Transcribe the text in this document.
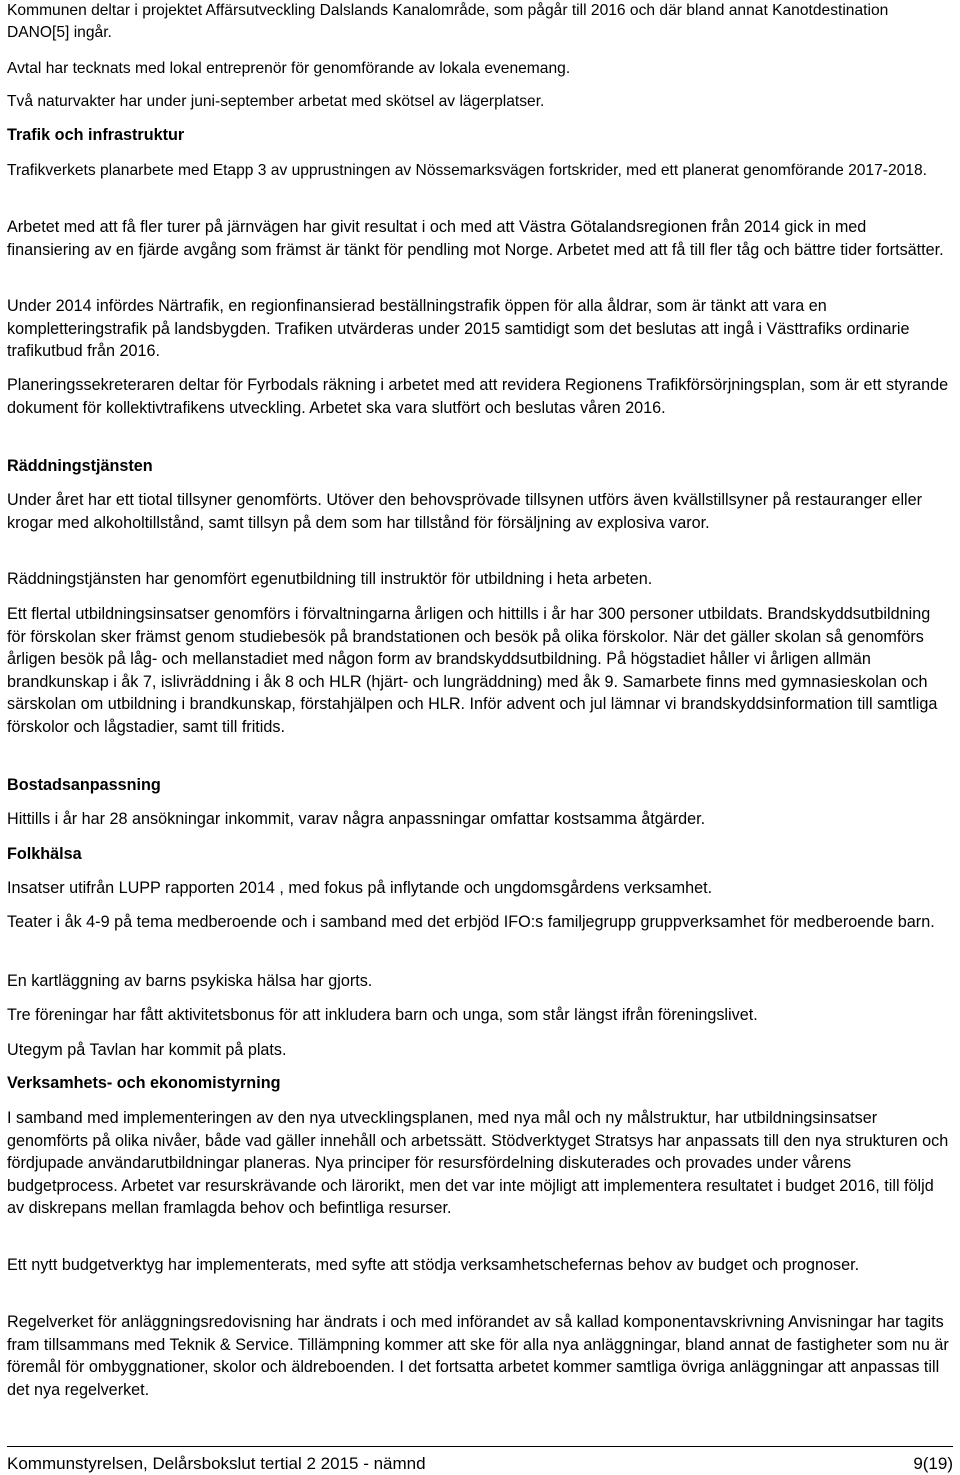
Kommunen deltar i projektet Affärsutveckling Dalslands Kanalområde, som pågår till 2016 och där bland annat Kanotdestination DANO[5] ingår.

Avtal har tecknats med lokal entreprenör för genomförande av lokala evenemang.

Två naturvakter har under juni-september arbetat med skötsel av lägerplatser.

Trafik och infrastruktur

Trafikverkets planarbete med Etapp 3 av upprustningen av Nössemarksvägen fortskrider, med ett planerat genomförande 2017-2018.

Arbetet med att få fler turer på järnvägen har givit resultat i och med att Västra Götalandsregionen från 2014 gick in med finansiering av en fjärde avgång som främst är tänkt för pendling mot Norge. Arbetet med att få till fler tåg och bättre tider fortsätter.

Under 2014 infördes Närtrafik, en regionfinansierad beställningstrafik öppen för alla åldrar, som är tänkt att vara en kompletteringstrafik på landsbygden. Trafiken utvärderas under 2015 samtidigt som det beslutas att ingå i Västtrafiks ordinarie trafikutbud från 2016.

Planeringssekreteraren deltar för Fyrbodals räkning i arbetet med att revidera Regionens Trafikförsörjningsplan, som är ett styrande dokument för kollektivtrafikens utveckling. Arbetet ska vara slutfört och beslutas våren 2016.

Räddningstjänsten

Under året har ett tiotal tillsyner genomförts. Utöver den behovsprövade tillsynen utförs även kvällstillsyner på restauranger eller krogar med alkoholtillstånd, samt tillsyn på dem som har tillstånd för försäljning av explosiva varor.

Räddningstjänsten har genomfört egenutbildning till instruktör för utbildning i heta arbeten.

Ett flertal utbildningsinsatser genomförs i förvaltningarna årligen och hittills i år har 300 personer utbildats. Brandskyddsutbildning för förskolan sker främst genom studiebesök på brandstationen och besök på olika förskolor. När det gäller skolan så genomförs årligen besök på låg- och mellanstadiet med någon form av brandskyddsutbildning. På högstadiet håller vi årligen allmän brandkunskap i åk 7, islivräddning i åk 8 och HLR (hjärt- och lungräddning) med åk 9. Samarbete finns med gymnasieskolan och särskolan om utbildning i brandkunskap, förstahjälpen och HLR. Inför advent och jul lämnar vi brandskyddsinformation till samtliga förskolor och lågstadier, samt till fritids.

Bostadsanpassning

Hittills i år har 28 ansökningar inkommit, varav några anpassningar omfattar kostsamma åtgärder.

Folkhälsa

Insatser utifrån LUPP rapporten 2014 , med fokus på inflytande och ungdomsgårdens verksamhet.

Teater i åk 4-9 på tema medberoende och i samband med det erbjöd IFO:s familjegrupp gruppverksamhet för medberoende barn.

En kartläggning av barns psykiska hälsa har gjorts.

Tre föreningar har fått aktivitetsbonus för att inkludera barn och unga, som står längst ifrån föreningslivet.

Utegym på Tavlan har kommit på plats.

Verksamhets- och ekonomistyrning

I samband med implementeringen av den nya utvecklingsplanen, med nya mål och ny målstruktur, har utbildningsinsatser genomförts på olika nivåer, både vad gäller innehåll och arbetssätt. Stödverktyget Stratsys har anpassats till den nya strukturen och fördjupade användarutbildningar planeras. Nya principer för resursfördelning diskuterades och provades under vårens budgetprocess. Arbetet var resurskrävande och lärorikt, men det var inte möjligt att implementera resultatet i budget 2016, till följd av diskrepans mellan framlagda behov och befintliga resurser.

Ett nytt budgetverktyg har implementerats, med syfte att stödja verksamhetschefernas behov av budget och prognoser.

Regelverket för anläggningsredovisning har ändrats i och med införandet av så kallad komponentavskrivning Anvisningar har tagits fram tillsammans med Teknik & Service. Tillämpning kommer att ske för alla nya anläggningar, bland annat de fastigheter som nu är föremål för ombyggnationer, skolor och äldreboenden. I det fortsatta arbetet kommer samtliga övriga anläggningar att anpassas till det nya regelverket.

Kommunstyrelsen, Delårsbokslut tertial 2 2015 - nämnd	9(19)
